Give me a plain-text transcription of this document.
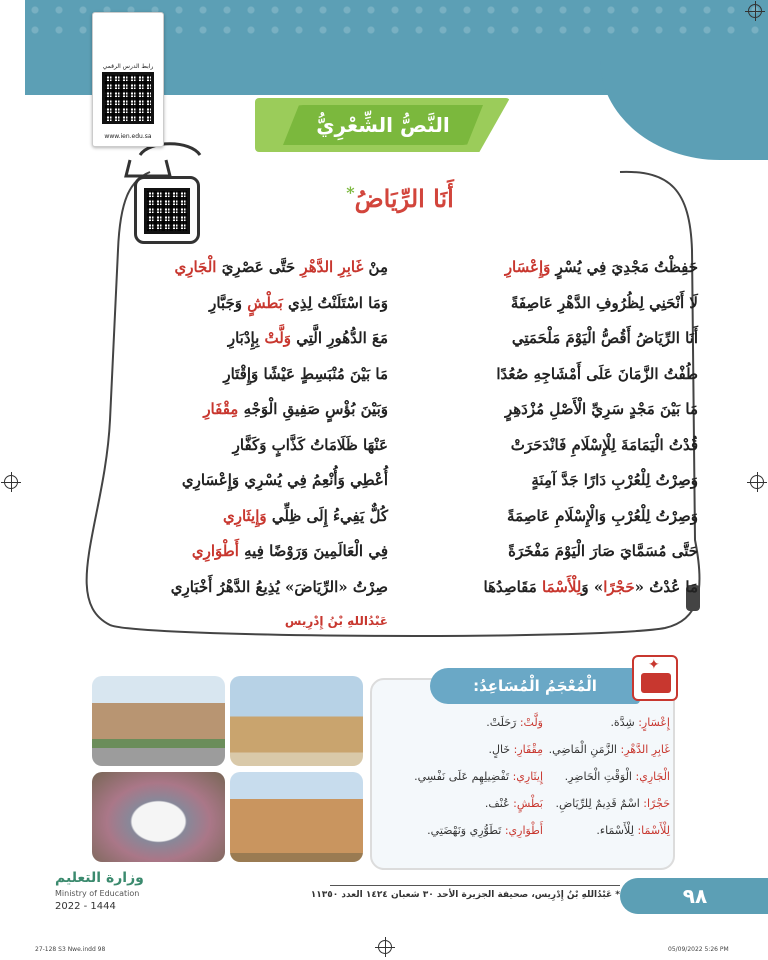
رابط الدرس الرقمي
www.ien.edu.sa	النَّصُّ الشِّعْرِيُّ
أَنَا الرِّيَاضُ*
حَفِظْتُ مَجْدِيَ فِي يُسْرٍ وَإِعْسَارِ
مِنْ غَابِرِ الدَّهْرِ حَتَّى عَصْرِيَ الْجَارِي
لَا أَنْحَنِي لِظُرُوفِ الدَّهْرِ عَاصِفَةً
وَمَا اسْتَلَنْتُ لِذِي بَطْشٍ وَجَبَّارِ
أَنَا الرِّيَاضُ أَقُصُّ الْيَوْمَ مَلْحَمَتِي
مَعَ الدُّهُورِ الَّتِي وَلَّتْ بِإِدْبَارِ
طُفْتُ الزَّمَانَ عَلَى أَمْشَاجِهِ صُعُدًا
مَا بَيْنَ مُنْبَسِطٍ عَيْشًا وَإِقْتَارِ
مَا بَيْنَ مَجْدٍ سَرِيِّ الْأَصْلِ مُزْدَهِرٍ
وَبَيْنَ بُؤْسٍ صَفِيقِ الْوَجْهِ مِقْفَارِ
قُدْتُ الْيَمَامَةَ لِلْإِسْلَامِ فَانْدَحَرَتْ
عَنْهَا ظَلَامَاتُ كَذَّابٍ وَكَفَّارِ
وَصِرْتُ لِلْعُرْبِ دَارًا جَدَّ آمِنَةٍ
أُعْطِي وَأُنْعِمُ فِي يُسْرِي وَإِعْسَارِي
وَصِرْتُ لِلْعُرْبِ وَالْإِسْلَامِ عَاصِمَةً
كُلٌّ يَفِيءُ إِلَى ظِلِّي وَإِيثَارِي
حَتَّى مُسَمَّايَ صَارَ الْيَوْمَ مَفْخَرَةً
فِي الْعَالَمِينَ وَرَوْضًا فِيهِ أَطْوَارِي
مَا عُدْتُ «حَجْرًا» وَلِلْأَسْمَا مَقَاصِدُهَا
صِرْتُ «الرِّيَاضَ» يُذِيعُ الدَّهْرُ أَخْبَارِي
عَبْدُاللهِ بْنُ إِدْرِيس
الْمُعْجَمُ الْمُسَاعِدُ:
✦
إِعْسَارٍ: شِدَّة.
وَلَّتْ: رَحَلَتْ.
غَابِرِ الدَّهْرِ: الزَّمَنِ الْمَاضِي.
مِقْفَارِ: خَالٍ.
الْجَارِي: الْوَقْتِ الْحَاضِرِ.
إِيثَارِي: تَفْضِيلِهِم عَلَى نَفْسِي.
حَجْرًا: اسْمٌ قَدِيمٌ لِلرِّيَاضِ.
بَطْشٍ: عُنْف.
لِلْأَسْمَا: لِلْأَسْمَاء.
أَطْوَارِي: تَطَوُّرِي وَنَهْضَتِي.
وزارة التعليم
Ministry of Education
2022 - 1444
* عَبْدُاللهِ بْنُ إِدْرِيس، صحيفة الجزيرة الأحد ٣٠ شعبان ١٤٢٤ العدد ١١٣٥٠	٩٨
27-128 S3 Nwe.indd 98	05/09/2022 5:26 PM
